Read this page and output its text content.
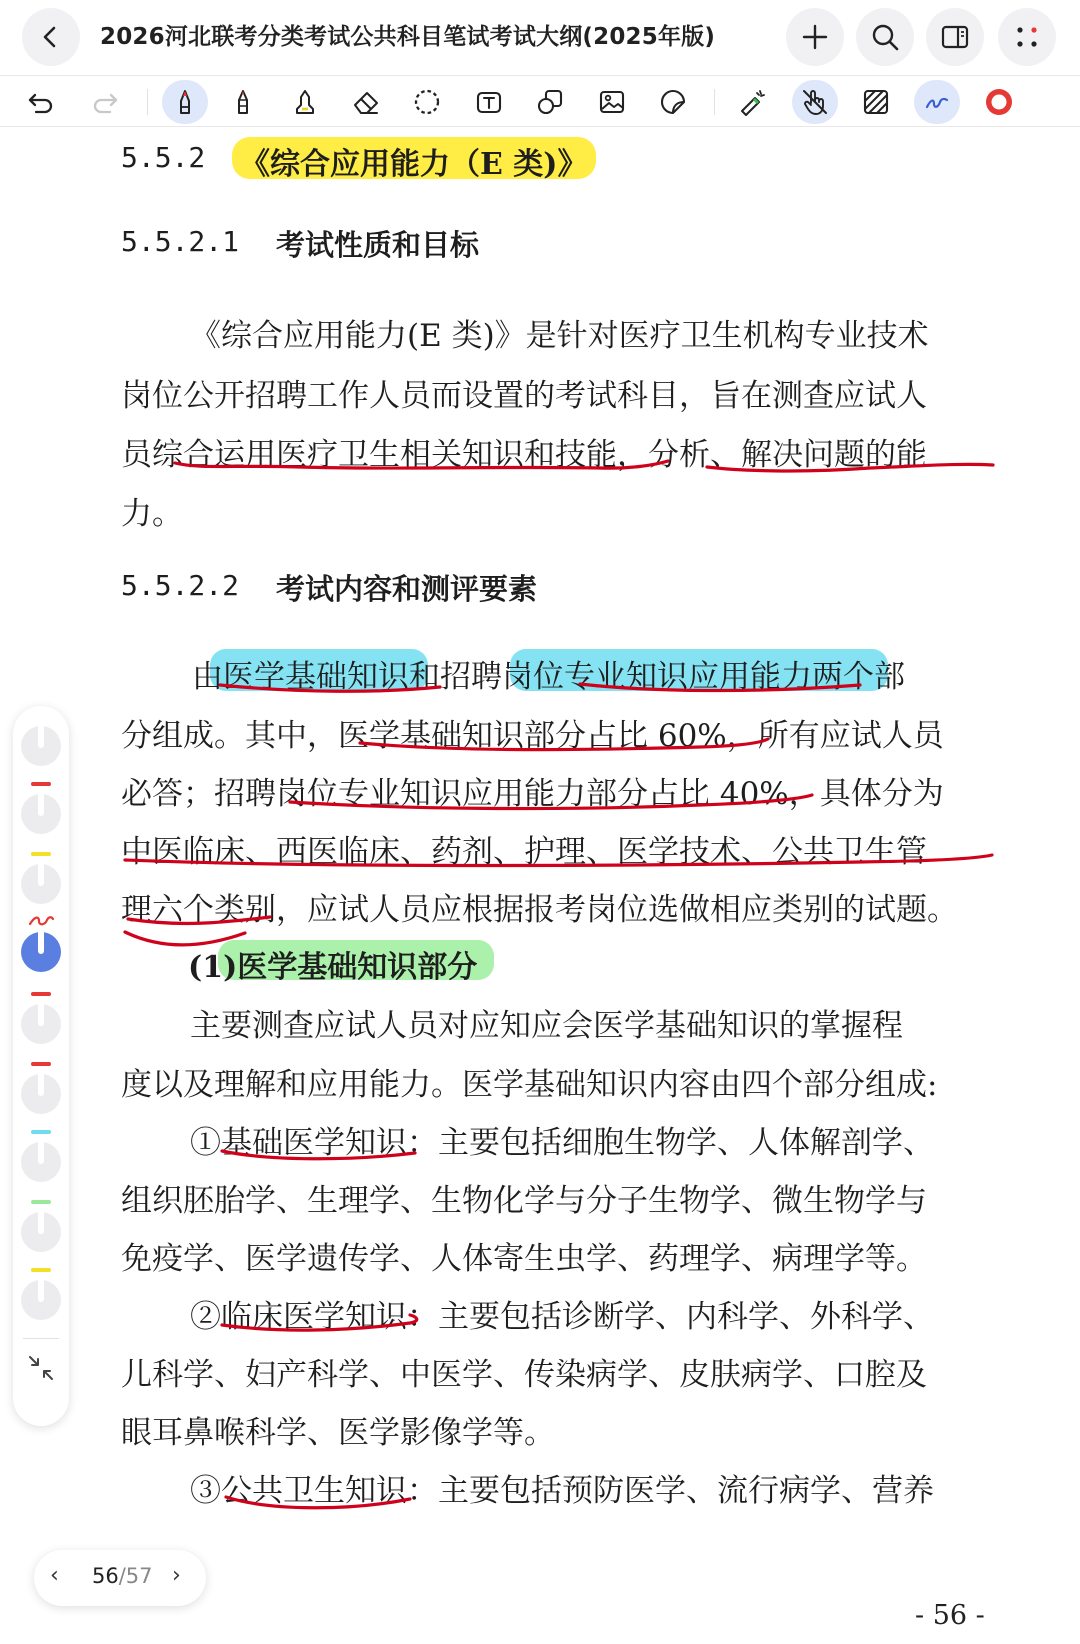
2026河北联考分类考试公共科目笔试考试大纲(2025年版)
5.5.2 《综合应用能力（E 类)》
5.5.2.1 考试性质和目标
《综合应用能力(E 类)》是针对医疗卫生机构专业技术
岗位公开招聘工作人员而设置的考试科目，旨在测查应试人
员综合运用医疗卫生相关知识和技能，分析、解决问题的能
力。
5.5.2.2 考试内容和测评要素
由医学基础知识和招聘岗位专业知识应用能力两个部
分组成。其中，医学基础知识部分占比 60%，所有应试人员
必答；招聘岗位专业知识应用能力部分占比 40%，具体分为
中医临床、西医临床、药剂、护理、医学技术、公共卫生管
理六个类别，应试人员应根据报考岗位选做相应类别的试题。
(1)医学基础知识部分
主要测查应试人员对应知应会医学基础知识的掌握程
度以及理解和应用能力。医学基础知识内容由四个部分组成:
①基础医学知识：主要包括细胞生物学、人体解剖学、
组织胚胎学、生理学、生物化学与分子生物学、微生物学与
免疫学、医学遗传学、人体寄生虫学、药理学、病理学等。
②临床医学知识：主要包括诊断学、内科学、外科学、
儿科学、妇产科学、中医学、传染病学、皮肤病学、口腔及
眼耳鼻喉科学、医学影像学等。
③公共卫生知识：主要包括预防医学、流行病学、营养
- 56 -
‹ 56/57 ›
